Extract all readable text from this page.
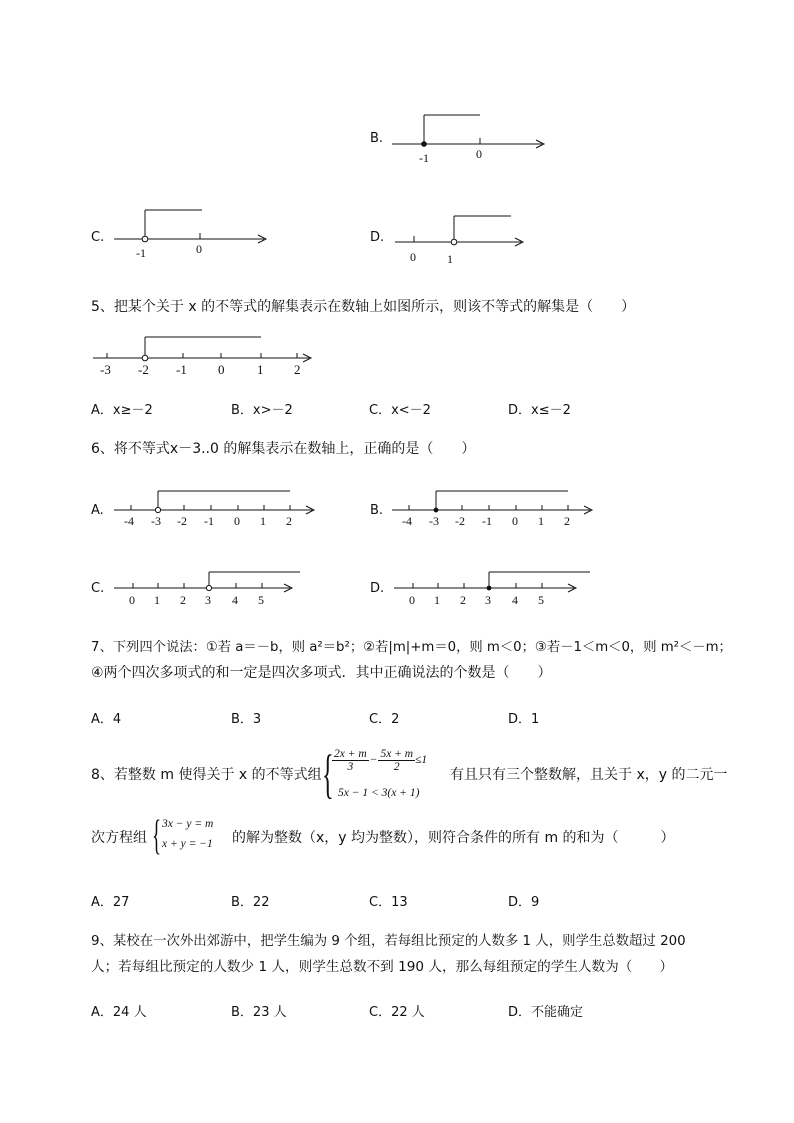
B.
-1	0
C.
-1	0
D.
0	1
5、把某个关于 x 的不等式的解集表示在数轴上如图所示，则该不等式的解集是（　　）
-3 -2 -1 0	1 2
A．x≥－2	B．x>－2	C．x<－2	D．x≤－2
6、将不等式x－3..0 的解集表示在数轴上，正确的是（　　）
A.
-4 -3 -2 -1 0 1 2
B.
-4 -3 -2 -1 0 1 2
C.
0 1 2 3 4 5
D.
0 1 2 3 4 5
7、下列四个说法：①若 a＝－b，则 a²＝b²；②若|m|+m＝0，则 m＜0；③若－1＜m＜0，则 m²＜－m；
④两个四次多项式的和一定是四次多项式．其中正确说法的个数是（　　）
A．4	B．3	C．2	D．1
8、若整数 m 使得关于 x 的不等式组 {
$\frac{2x + m}{3} - \frac{5x + m}{2} \le 1$
5x − 1 < 3(x + 1)
有且只有三个整数解，且关于 x，y 的二元一
次方程组 { 3x − y = m
x + y = −1 的解为整数（x，y 均为整数），则符合条件的所有 m 的和为（　　　）
A．27	B．22	C．13	D．9
9、某校在一次外出郊游中，把学生编为 9 个组，若每组比预定的人数多 1 人，则学生总数超过 200
人；若每组比预定的人数少 1 人，则学生总数不到 190 人，那么每组预定的学生人数为（　　）
A．24 人	B．23 人	C．22 人	D．不能确定
